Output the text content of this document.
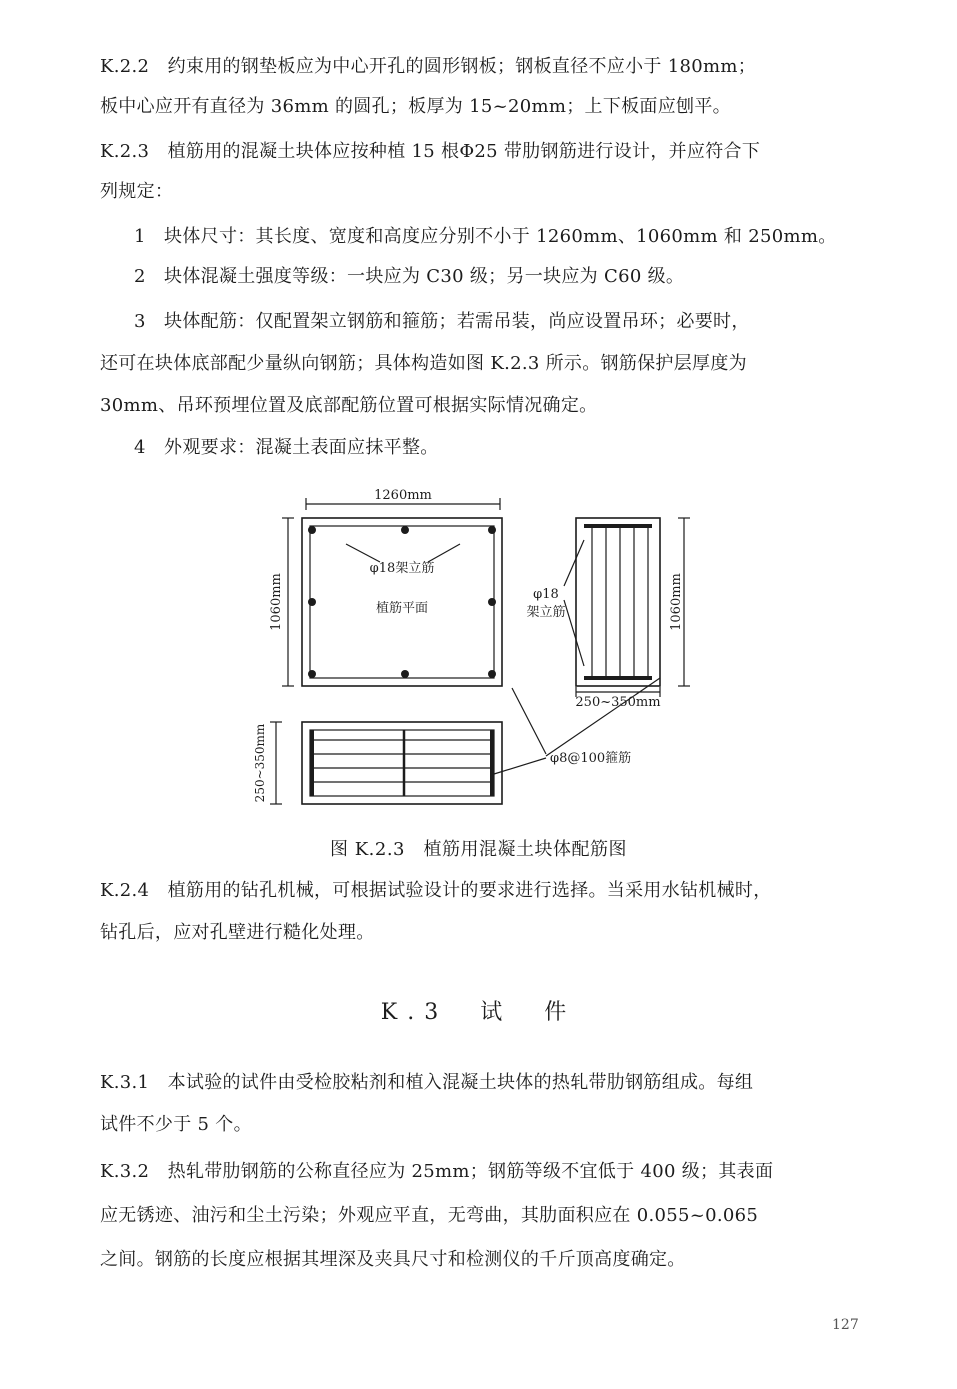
K.2.2　约束用的钢垫板应为中心开孔的圆形钢板；钢板直径不应小于 180mm；
板中心应开有直径为 36mm 的圆孔；板厚为 15~20mm；上下板面应刨平。
K.2.3　植筋用的混凝土块体应按种植 15 根Φ25 带肋钢筋进行设计，并应符合下
列规定：
1　块体尺寸：其长度、宽度和高度应分别不小于 1260mm、1060mm 和 250mm。
2　块体混凝土强度等级：一块应为 C30 级；另一块应为 C60 级。
3　块体配筋：仅配置架立钢筋和箍筋；若需吊装，尚应设置吊环；必要时，
还可在块体底部配少量纵向钢筋；具体构造如图 K.2.3 所示。钢筋保护层厚度为
30mm、吊环预埋位置及底部配筋位置可根据实际情况确定。
4　外观要求：混凝土表面应抹平整。
1260mm
1060mm
φ18架立筋
植筋平面
φ18
架立筋	1060mm
250~350mm
250~350mm	φ8@100箍筋
图 K.2.3　植筋用混凝土块体配筋图
K.2.4　植筋用的钻孔机械，可根据试验设计的要求进行选择。当采用水钻机械时，
钻孔后，应对孔壁进行糙化处理。
K.3　试　件
K.3.1　本试验的试件由受检胶粘剂和植入混凝土块体的热轧带肋钢筋组成。每组
试件不少于 5 个。
K.3.2　热轧带肋钢筋的公称直径应为 25mm；钢筋等级不宜低于 400 级；其表面
应无锈迹、油污和尘土污染；外观应平直，无弯曲，其肋面积应在 0.055~0.065
之间。钢筋的长度应根据其埋深及夹具尺寸和检测仪的千斤顶高度确定。
127
